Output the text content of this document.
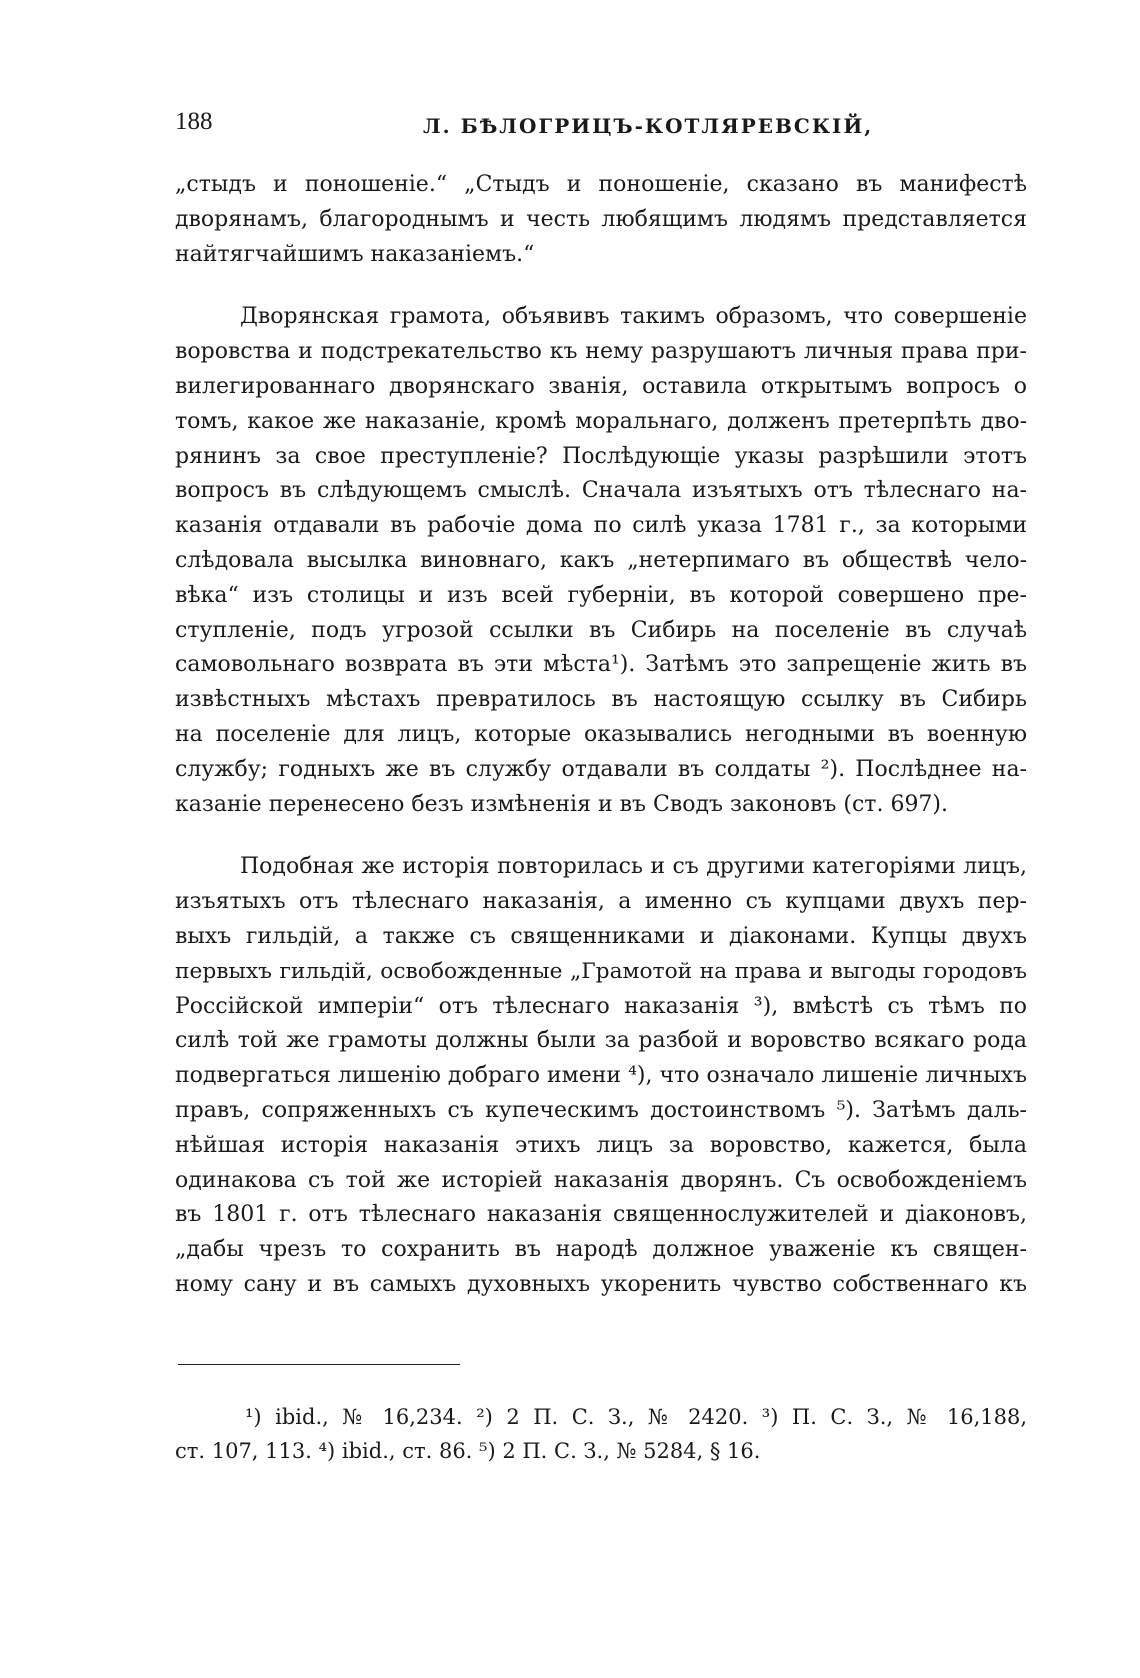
188	Л. БѢЛОГРИЦЪ-КОТЛЯРЕВСКІЙ,
„стыдъ и поношеніе.“ „Стыдъ и поношеніе, сказано въ манифестѣ
дворянамъ, благороднымъ и честь любящимъ людямъ представляется
найтягчайшимъ наказаніемъ.“
Дворянская грамота, объявивъ такимъ образомъ, что совершеніе
воровства и подстрекательство къ нему разрушаютъ личныя права при-
вилегированнаго дворянскаго званія, оставила открытымъ вопросъ о
томъ, какое же наказаніе, кромѣ моральнаго, долженъ претерпѣть дво-
рянинъ за свое преступленіе? Послѣдующіе указы разрѣшили этотъ
вопросъ въ слѣдующемъ смыслѣ. Сначала изъятыхъ отъ тѣлеснаго на-
казанія отдавали въ рабочіе дома по силѣ указа 1781 г., за которыми
слѣдовала высылка виновнаго, какъ „нетерпимаго въ обществѣ чело-
вѣка“ изъ столицы и изъ всей губерніи, въ которой совершено пре-
ступленіе, подъ угрозой ссылки въ Сибирь на поселеніе въ случаѣ
самовольнаго возврата въ эти мѣста¹). Затѣмъ это запрещеніе жить въ
извѣстныхъ мѣстахъ превратилось въ настоящую ссылку въ Сибирь
на поселеніе для лицъ, которые оказывались негодными въ военную
службу; годныхъ же въ службу отдавали въ солдаты ²). Послѣднее на-
казаніе перенесено безъ измѣненія и въ Сводъ законовъ (ст. 697).
Подобная же исторія повторилась и съ другими категоріями лицъ,
изъятыхъ отъ тѣлеснаго наказанія, а именно съ купцами двухъ пер-
выхъ гильдій, а также съ священниками и діаконами. Купцы двухъ
первыхъ гильдій, освобожденные „Грамотой на права и выгоды городовъ
Россійской имперіи“ отъ тѣлеснаго наказанія ³), вмѣстѣ съ тѣмъ по
силѣ той же грамоты должны были за разбой и воровство всякаго рода
подвергаться лишенію добраго имени ⁴), что означало лишеніе личныхъ
правъ, сопряженныхъ съ купеческимъ достоинствомъ ⁵). Затѣмъ даль-
нѣйшая исторія наказанія этихъ лицъ за воровство, кажется, была
одинакова съ той же исторіей наказанія дворянъ. Съ освобожденіемъ
въ 1801 г. отъ тѣлеснаго наказанія священнослужителей и діаконовъ,
„дабы чрезъ то сохранить въ народѣ должное уваженіе къ священ-
ному сану и въ самыхъ духовныхъ укоренить чувство собственнаго къ
¹) ibid., № 16,234. ²) 2 П. С. З., № 2420. ³) П. С. З., № 16,188,
ст. 107, 113. ⁴) ibid., ст. 86. ⁵) 2 П. С. З., № 5284, § 16.
